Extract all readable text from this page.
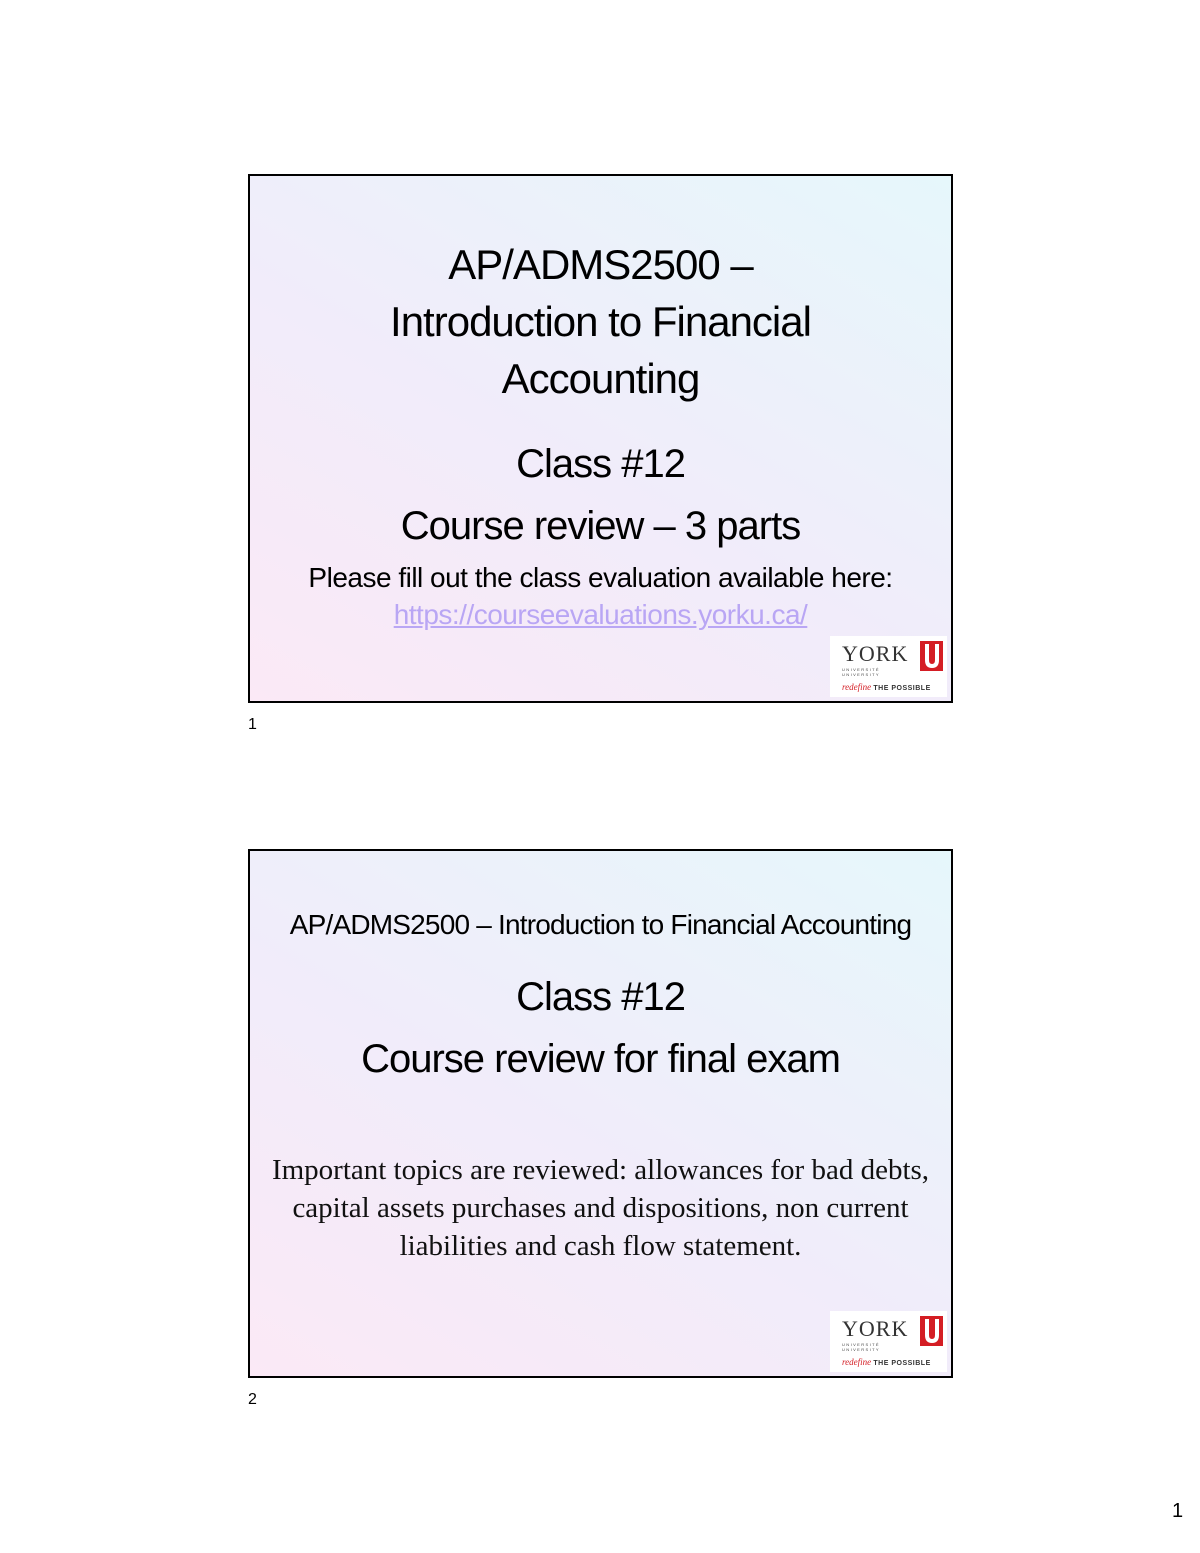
AP/ADMS2500 –
Introduction to Financial
Accounting
Class #12
Course review – 3 parts
Please fill out the class evaluation available here:
https://courseevaluations.yorku.ca/
YORK
UNIVERSITÉ
UNIVERSITY
redefine THE POSSIBLE
1
AP/ADMS2500 – Introduction to Financial Accounting
Class #12
Course review for final exam
Important topics are reviewed: allowances for bad debts, capital assets purchases and dispositions, non current liabilities and cash flow statement.
YORK
UNIVERSITÉ
UNIVERSITY
redefine THE POSSIBLE
2
1
